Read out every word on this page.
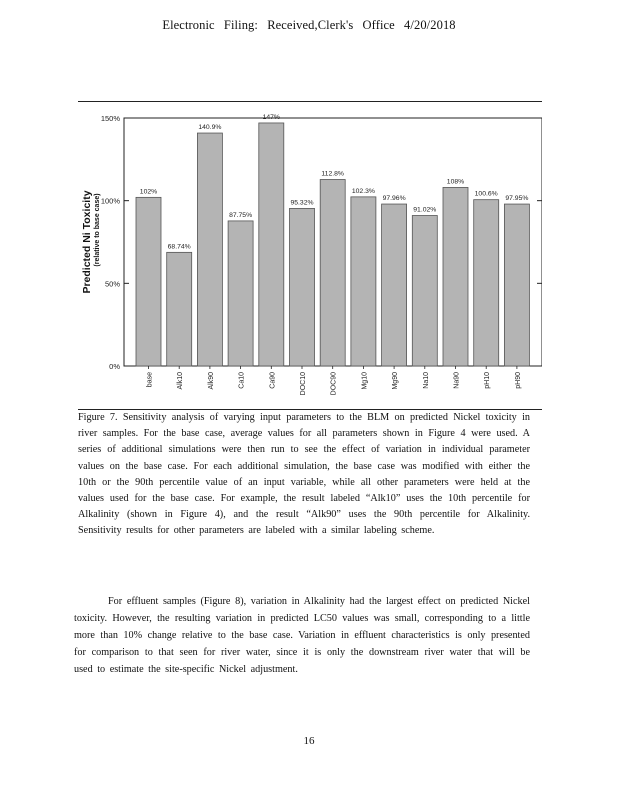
Electronic Filing: Received,Clerk's Office 4/20/2018
0%
50%
100%
150%
Predicted Ni Toxicity (relative to base case)
102%
base
68.74%
Alk10
140.9%
Alk90
87.75%
Ca10
147%
Ca90
95.32%
DOC10
112.8%
DOC90
102.3%
Mg10
97.96%
Mg90
91.02%
Na10
108%
Na90
100.6%
pH10
97.95%
pH90
Figure 7. Sensitivity analysis of varying input parameters to the BLM on predicted Nickel toxicity in river samples. For the base case, average values for all parameters shown in Figure 4 were used. A series of additional simulations were then run to see the effect of variation in individual parameter values on the base case. For each additional simulation, the base case was modified with either the 10th or the 90th percentile value of an input variable, while all other parameters were held at the values used for the base case. For example, the result labeled “Alk10” uses the 10th percentile for Alkalinity (shown in Figure 4), and the result “Alk90” uses the 90th percentile for Alkalinity. Sensitivity results for other parameters are labeled with a similar labeling scheme.
For effluent samples (Figure 8), variation in Alkalinity had the largest effect on predicted Nickel toxicity. However, the resulting variation in predicted LC50 values was small, corresponding to a little more than 10% change relative to the base case. Variation in effluent characteristics is only presented for comparison to that seen for river water, since it is only the downstream river water that will be used to estimate the site-specific Nickel adjustment.
16
